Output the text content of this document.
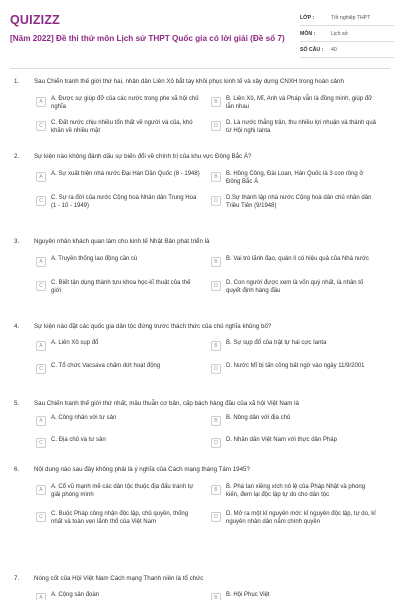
QUIZIZZ
[Năm 2022] Đề thi thử môn Lịch sử THPT Quốc gia có lời giải (Đề số 7)
LỚP :	Tốt nghiệp THPT
MÔN :	Lịch sử
SỐ CÂU :	40
1. Sau Chiến tranh thế giới thứ hai, nhân dân Liên Xô bắt tay khôi phục kinh tế và xây dựng CNXH trong hoàn cảnh
A	A. Được sự giúp đỡ của các nước trong phe xã hội chủ nghĩa
B	B. Liên Xô, Mĩ, Anh và Pháp vẫn là đồng minh, giúp đỡ lẫn nhau
C	C. Đất nước chịu nhiều tổn thất về người và của, khó khăn về nhiều mặt
D	D. Là nước thắng trận, thu nhiều lợi nhuận và thành quả từ Hội nghị Ianta
2. Sự kiện nào không đánh dấu sự biến đổi về chính trị của khu vực Đông Bắc Á?
A	A. Sự xuất hiện nhà nước Đại Hàn Dân Quốc (8 - 1948)	B	B. Hồng Công, Đài Loan, Hàn Quốc là 3 con rồng ở Đông Bắc Á
C	C. Sự ra đời của nước Cộng hoà Nhân dân Trung Hoa (1 - 10 - 1949)
D	D.Sự thành lập nhà nước Cộng hoà dân chủ nhân dân Triều Tiên (9/1948)
3. Nguyên nhân khách quan làm cho kinh tế Nhật Bản phát triển là
A	A. Truyền thống lao động cần cù	B	B. Vai trò lãnh đạo, quản lí có hiệu quả của Nhà nước
C	C. Biết tận dụng thành tựu khoa học-kĩ thuật của thế giới
D	D. Con người được xem là vốn quý nhất, là nhân tố quyết định hàng đầu
4. Sự kiện nào đặt các quốc gia dân tộc đứng trước thách thức của chủ nghĩa khủng bố?
A	A. Liên Xô sụp đổ	B	B. Sự sụp đổ của trật tự hai cực Ianta
C	C. Tổ chức Vacsava chấm dứt hoạt động	D	D. Nước Mĩ bị tấn công bất ngờ vào ngày 11/9/2001
5. Sau Chiến tranh thế giới thứ nhất, mâu thuẫn cơ bản, cấp bách hàng đầu của xã hội Việt Nam là
A	A. Công nhân với tư sản	B	B. Nông dân với địa chủ
C	C. Địa chủ và tư sản	D	D. Nhân dân Việt Nam với thực dân Pháp
6. Nội dung nào sau đây không phải là ý nghĩa của Cách mạng tháng Tám 1945?
A	A. Cổ vũ mạnh mẽ các dân tộc thuộc địa đấu tranh tự giải phóng mình
B	B. Phá tan xiềng xích nô lệ của Pháp Nhật và phong kiến, đem lại độc lập tự do cho dân tộc
C	C. Buộc Pháp công nhận độc lập, chủ quyền, thống nhất và toàn vẹn lãnh thổ của Việt Nam
D	D. Mở ra một kỉ nguyên mới: kỉ nguyên độc lập, tự do, kỉ nguyên nhân dân nắm chính quyền
7. Nòng cốt của Hội Việt Nam Cách mạng Thanh niên là tổ chức
A	A. Cộng sản đoàn	B	B. Hội Phục Việt
